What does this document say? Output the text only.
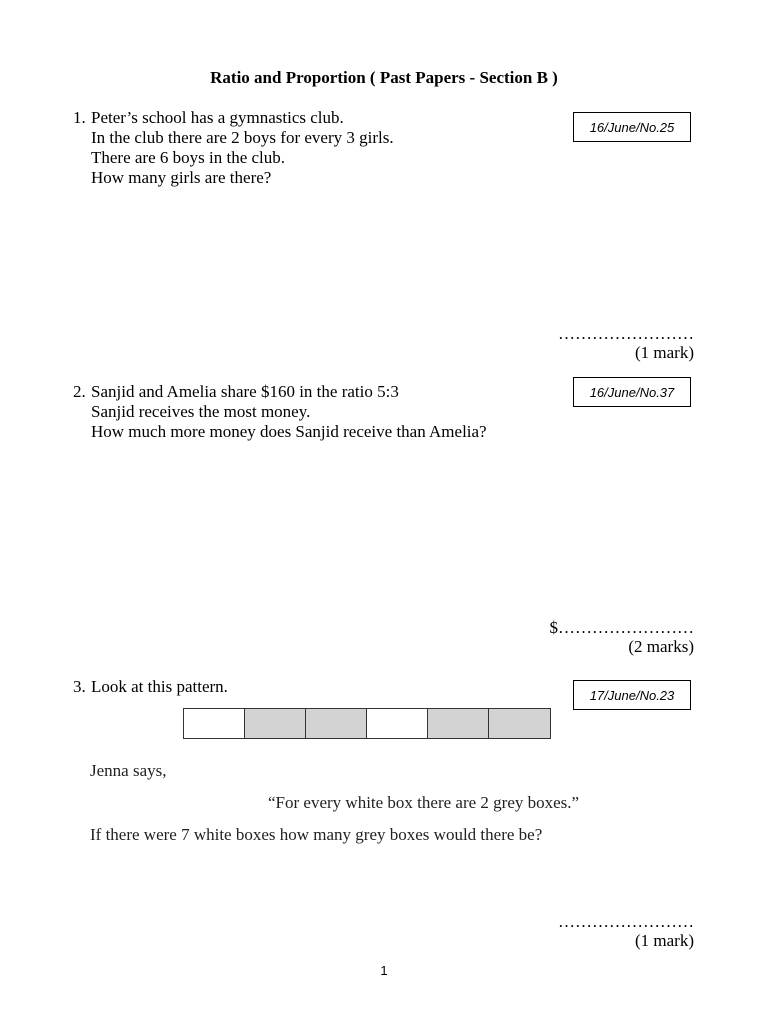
Ratio and Proportion ( Past Papers - Section B )
1. Peter’s school has a gymnastics club.
In the club there are 2 boys for every 3 girls.
There are 6 boys in the club.
How many girls are there?
16/June/No.25
……………………
(1 mark)
2. Sanjid and Amelia share $160 in the ratio 5:3
Sanjid receives the most money.
How much more money does Sanjid receive than Amelia?
16/June/No.37
$……………………
(2 marks)
3. Look at this pattern.	17/June/No.23
Jenna says,
“For every white box there are 2 grey boxes.”
If there were 7 white boxes how many grey boxes would there be?
……………………
(1 mark)
1
